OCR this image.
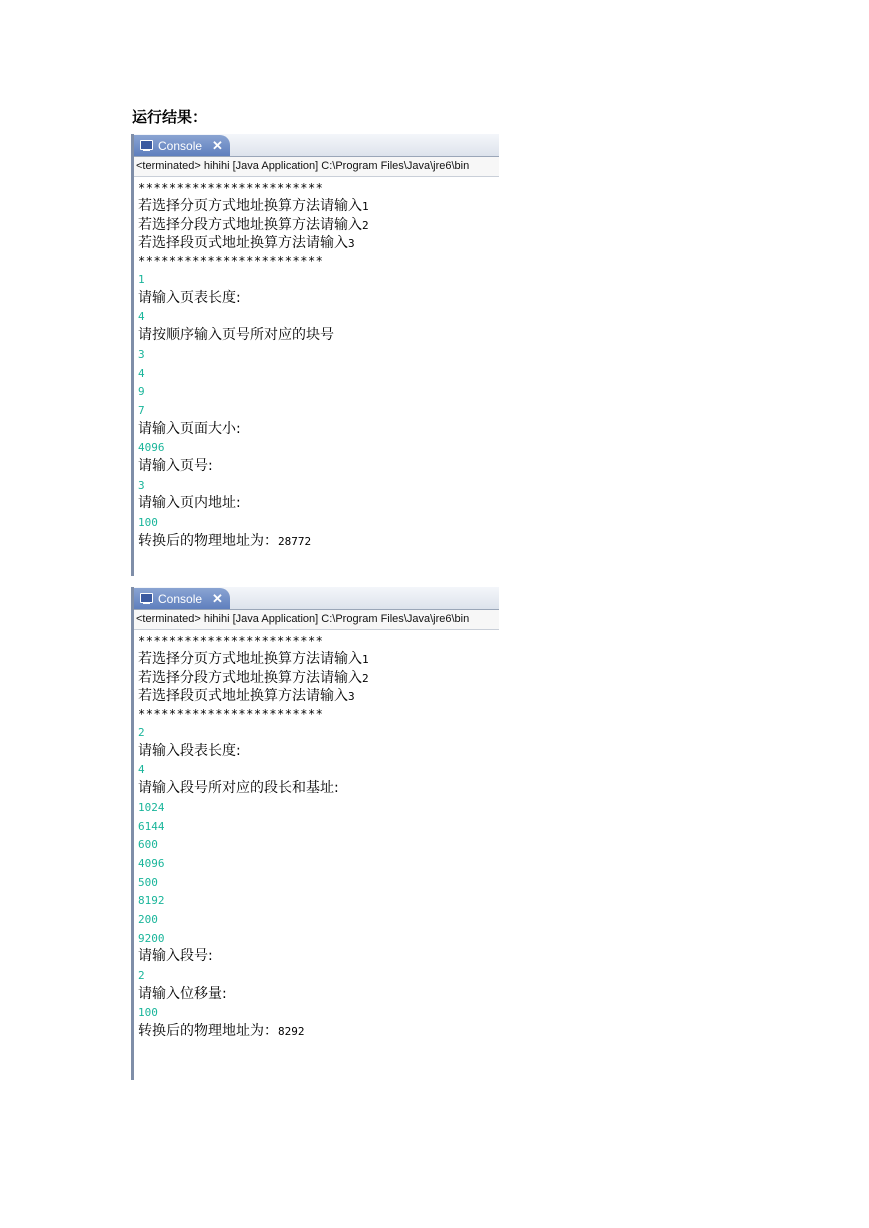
运行结果：
Console ✕
<terminated> hihihi [Java Application] C:\Program Files\Java\jre6\bin
************************
若选择分页方式地址换算方法请输入1
若选择分段方式地址换算方法请输入2
若选择段页式地址换算方法请输入3
************************
1
请输入页表长度:
4
请按顺序输入页号所对应的块号
3
4
9
7
请输入页面大小:
4096
请输入页号:
3
请输入页内地址:
100
转换后的物理地址为：28772
Console ✕
<terminated> hihihi [Java Application] C:\Program Files\Java\jre6\bin
************************
若选择分页方式地址换算方法请输入1
若选择分段方式地址换算方法请输入2
若选择段页式地址换算方法请输入3
************************
2
请输入段表长度:
4
请输入段号所对应的段长和基址:
1024
6144
600
4096
500
8192
200
9200
请输入段号:
2
请输入位移量:
100
转换后的物理地址为：8292
